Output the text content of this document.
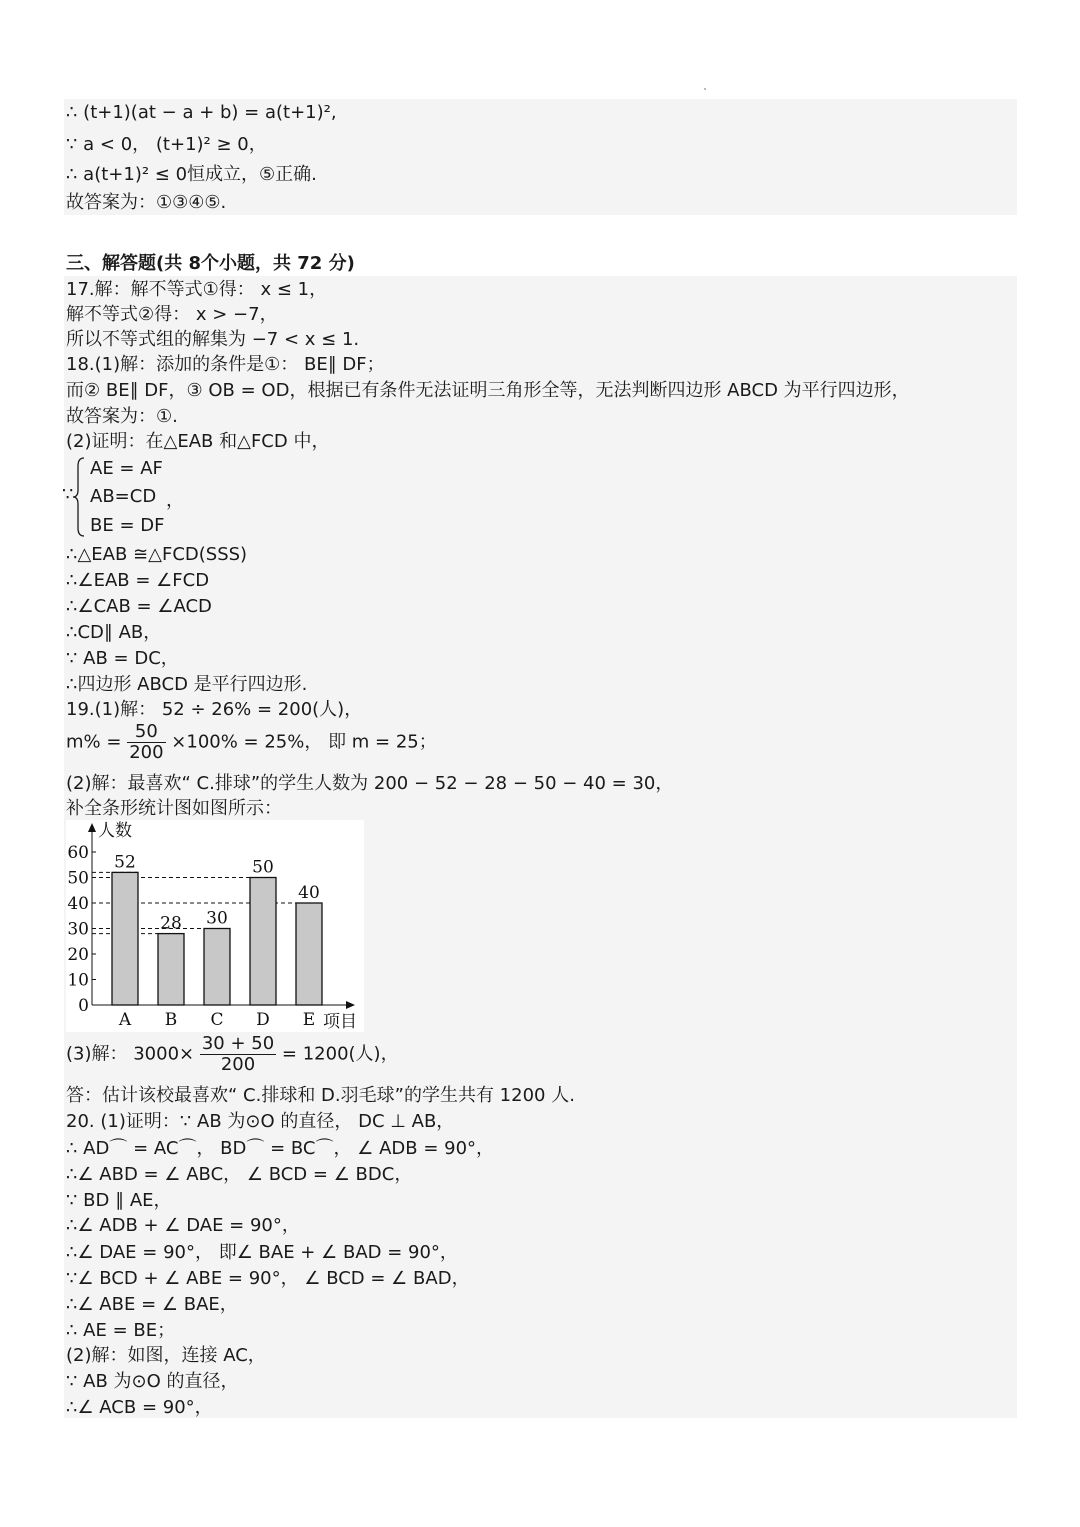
∴ (t+1)(at − a + b) = a(t+1)²,
∵ a < 0， (t+1)² ≥ 0，
∴ a(t+1)² ≤ 0恒成立，⑤正确.
故答案为：①③④⑤.
三、解答题(共 8个小题，共 72 分)
17.解：解不等式①得： x ≤ 1，
解不等式②得： x > −7，
所以不等式组的解集为 −7 < x ≤ 1.
18.(1)解：添加的条件是①： BE∥ DF；
而② BE∥ DF，③ OB = OD，根据已有条件无法证明三角形全等，无法判断四边形 ABCD 为平行四边形，
故答案为：①.
(2)证明：在△EAB 和△FCD 中，
∵
AE = AF
AB=CD
BE = DF
，
∴△EAB ≅△FCD(SSS)
∴∠EAB = ∠FCD
∴∠CAB = ∠ACD
∴CD∥ AB，
∵ AB = DC，
∴四边形 ABCD 是平行四边形.
19.(1)解： 52 ÷ 26% = 200(人)，
$m\% = \frac{50}{200} \times 100\% = 25\%$， 即 m = 25；
(2)解：最喜欢“ C.排球”的学生人数为 200 − 52 − 28 − 50 − 40 = 30，
补全条形统计图如图所示：
52
A
28
B
30
C
50
D
40
E
0
10
20
30
40
50
60
人数
项目
(3)解： $3000\times \frac{30 + 50}{200} = 1200$(人)，
答：估计该校最喜欢“ C.排球和 D.羽毛球”的学生共有 1200 人.
20. (1)证明：∵ AB 为⊙O 的直径， DC ⊥ AB，
∴ AD⌒ = AC⌒， BD⌒ = BC⌒， ∠ ADB = 90°，
∴∠ ABD = ∠ ABC， ∠ BCD = ∠ BDC，
∵ BD ∥ AE，
∴∠ ADB + ∠ DAE = 90°，
∴∠ DAE = 90°， 即∠ BAE + ∠ BAD = 90°，
∵∠ BCD + ∠ ABE = 90°， ∠ BCD = ∠ BAD，
∴∠ ABE = ∠ BAE，
∴ AE = BE；
(2)解：如图，连接 AC，
∵ AB 为⊙O 的直径，
∴∠ ACB = 90°，
